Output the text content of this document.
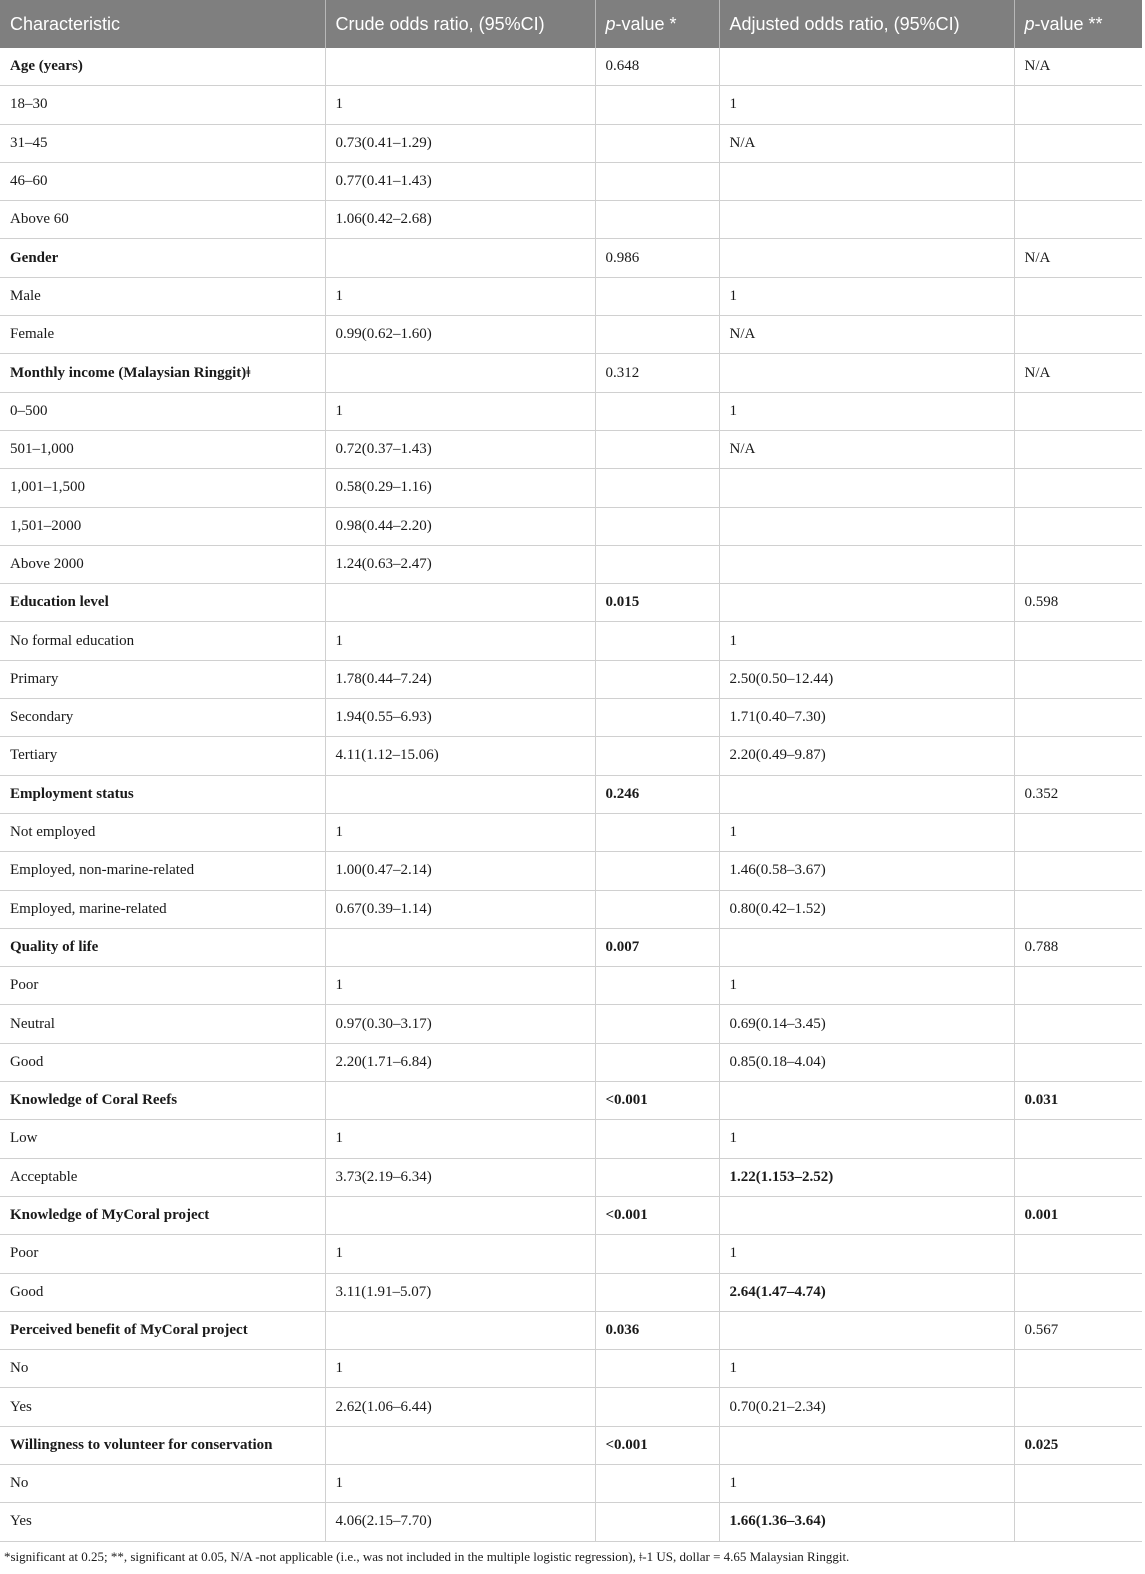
Characteristic	Crude odds ratio, (95%CI)	p-value *	Adjusted odds ratio, (95%CI)	p-value **
Age (years)		0.648		N/A
18–30	1		1	
31–45	0.73(0.41–1.29)		N/A	
46–60	0.77(0.41–1.43)			
Above 60	1.06(0.42–2.68)			
Gender		0.986		N/A
Male	1		1	
Female	0.99(0.62–1.60)		N/A	
Monthly income (Malaysian Ringgit)ǂ		0.312		N/A
0–500	1		1	
501–1,000	0.72(0.37–1.43)		N/A	
1,001–1,500	0.58(0.29–1.16)			
1,501–2000	0.98(0.44–2.20)			
Above 2000	1.24(0.63–2.47)			
Education level		0.015		0.598
No formal education	1		1	
Primary	1.78(0.44–7.24)		2.50(0.50–12.44)	
Secondary	1.94(0.55–6.93)		1.71(0.40–7.30)	
Tertiary	4.11(1.12–15.06)		2.20(0.49–9.87)	
Employment status		0.246		0.352
Not employed	1		1	
Employed, non-marine-related	1.00(0.47–2.14)		1.46(0.58–3.67)	
Employed, marine-related	0.67(0.39–1.14)		0.80(0.42–1.52)	
Quality of life		0.007		0.788
Poor	1		1	
Neutral	0.97(0.30–3.17)		0.69(0.14–3.45)	
Good	2.20(1.71–6.84)		0.85(0.18–4.04)	
Knowledge of Coral Reefs		<0.001		0.031
Low	1		1	
Acceptable	3.73(2.19–6.34)		1.22(1.153–2.52)	
Knowledge of MyCoral project		<0.001		0.001
Poor	1		1	
Good	3.11(1.91–5.07)		2.64(1.47–4.74)	
Perceived benefit of MyCoral project		0.036		0.567
No	1		1	
Yes	2.62(1.06–6.44)		0.70(0.21–2.34)	
Willingness to volunteer for conservation		<0.001		0.025
No	1		1	
Yes	4.06(2.15–7.70)		1.66(1.36–3.64)	
*significant at 0.25; **, significant at 0.05, N/A -not applicable (i.e., was not included in the multiple logistic regression), ǂ-1 US, dollar = 4.65 Malaysian Ringgit.
